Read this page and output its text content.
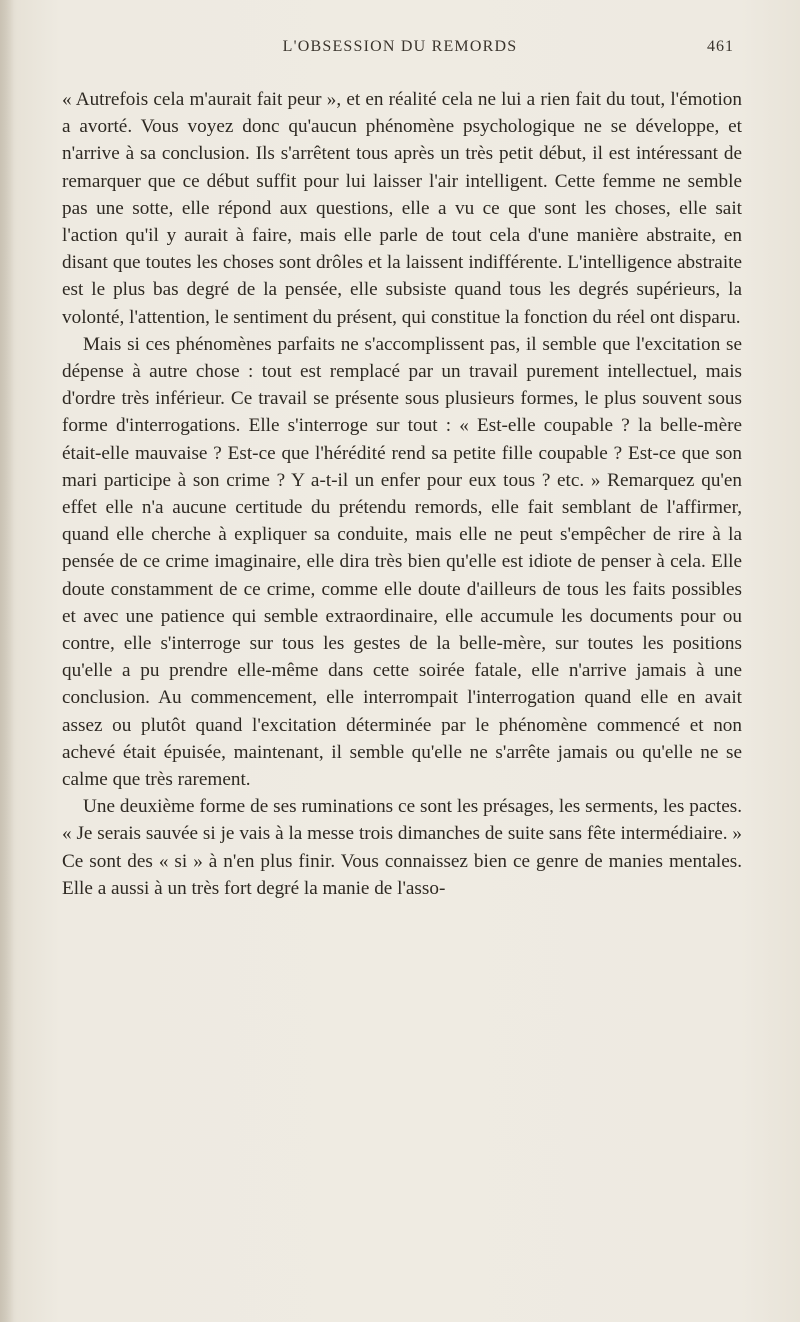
L'OBSESSION DU REMORDS	461

« Autrefois cela m'aurait fait peur », et en réalité cela ne lui a rien fait du tout, l'émotion a avorté. Vous voyez donc qu'aucun phénomène psychologique ne se développe, et n'arrive à sa conclusion. Ils s'arrêtent tous après un très petit début, il est intéressant de remarquer que ce début suffit pour lui laisser l'air intelligent. Cette femme ne semble pas une sotte, elle répond aux questions, elle a vu ce que sont les choses, elle sait l'action qu'il y aurait à faire, mais elle parle de tout cela d'une manière abstraite, en disant que toutes les choses sont drôles et la laissent indifférente. L'intelligence abstraite est le plus bas degré de la pensée, elle subsiste quand tous les degrés supérieurs, la volonté, l'attention, le sentiment du présent, qui constitue la fonction du réel ont disparu.

Mais si ces phénomènes parfaits ne s'accomplissent pas, il semble que l'excitation se dépense à autre chose : tout est remplacé par un travail purement intellectuel, mais d'ordre très inférieur. Ce travail se présente sous plusieurs formes, le plus souvent sous forme d'interrogations. Elle s'interroge sur tout : « Est-elle coupable ? la belle-mère était-elle mauvaise ? Est-ce que l'hérédité rend sa petite fille coupable ? Est-ce que son mari participe à son crime ? Y a-t-il un enfer pour eux tous ? etc. » Remarquez qu'en effet elle n'a aucune certitude du prétendu remords, elle fait semblant de l'affirmer, quand elle cherche à expliquer sa conduite, mais elle ne peut s'empêcher de rire à la pensée de ce crime imaginaire, elle dira très bien qu'elle est idiote de penser à cela. Elle doute constamment de ce crime, comme elle doute d'ailleurs de tous les faits possibles et avec une patience qui semble extraordinaire, elle accumule les documents pour ou contre, elle s'interroge sur tous les gestes de la belle-mère, sur toutes les positions qu'elle a pu prendre elle-même dans cette soirée fatale, elle n'arrive jamais à une conclusion. Au commencement, elle interrompait l'interrogation quand elle en avait assez ou plutôt quand l'excitation déterminée par le phénomène commencé et non achevé était épuisée, maintenant, il semble qu'elle ne s'arrête jamais ou qu'elle ne se calme que très rarement.

Une deuxième forme de ses ruminations ce sont les présages, les serments, les pactes. « Je serais sauvée si je vais à la messe trois dimanches de suite sans fête intermédiaire. » Ce sont des « si » à n'en plus finir. Vous connaissez bien ce genre de manies mentales. Elle a aussi à un très fort degré la manie de l'asso-
